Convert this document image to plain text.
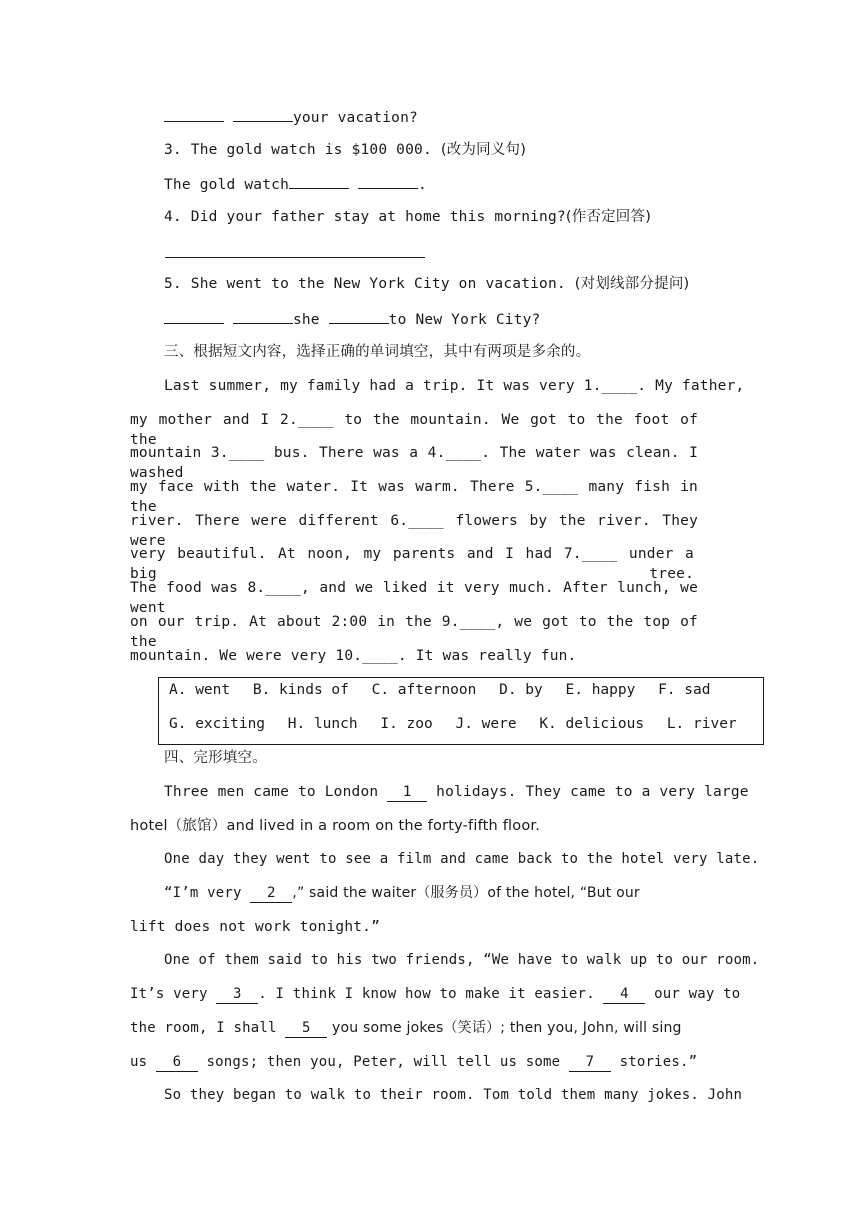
your vacation?
3. The gold watch is $100 000. (改为同义句)
The gold watch	.
4. Did your father stay at home this morning?(作否定回答)
5. She went to the New York City on vacation. (对划线部分提问)
she	to New York City?
三、根据短文内容，选择正确的单词填空，其中有两项是多余的。
Last summer, my family had a trip. It was very 1.____. My father,
my mother and I 2.____ to the mountain. We got to the foot of the
mountain 3.____ bus. There was a 4.____. The water was clean. I washed
my face with the water. It was warm. There 5.____ many fish in the
river. There were different 6.____ flowers by the river. They were
very beautiful. At noon, my parents and I had 7.____ under a big tree.
The food was 8.____, and we liked it very much. After lunch, we went
on our trip. At about 2:00 in the 9.____, we got to the top of the
mountain. We were very 10.____. It was really fun.
A. went B. kinds of C. afternoon D. by E. happy F. sad
G. exciting H. lunch I. zoo J. were K. delicious L. river
四、完形填空。
Three men came to London 1 holidays. They came to a very large
hotel（旅馆）and lived in a room on the forty-fifth floor.
One day they went to see a film and came back to the hotel very late.
“I’m very 2 ,” said the waiter（服务员）of the hotel, “But our
lift does not work tonight.”
One of them said to his two friends, “We have to walk up to our room.
It’s very 3 . I think I know how to make it easier. 4 our way to
the room, I shall 5 you some jokes（笑话）; then you, John, will sing
us 6 songs; then you, Peter, will tell us some 7 stories.”
So they began to walk to their room. Tom told them many jokes. John
